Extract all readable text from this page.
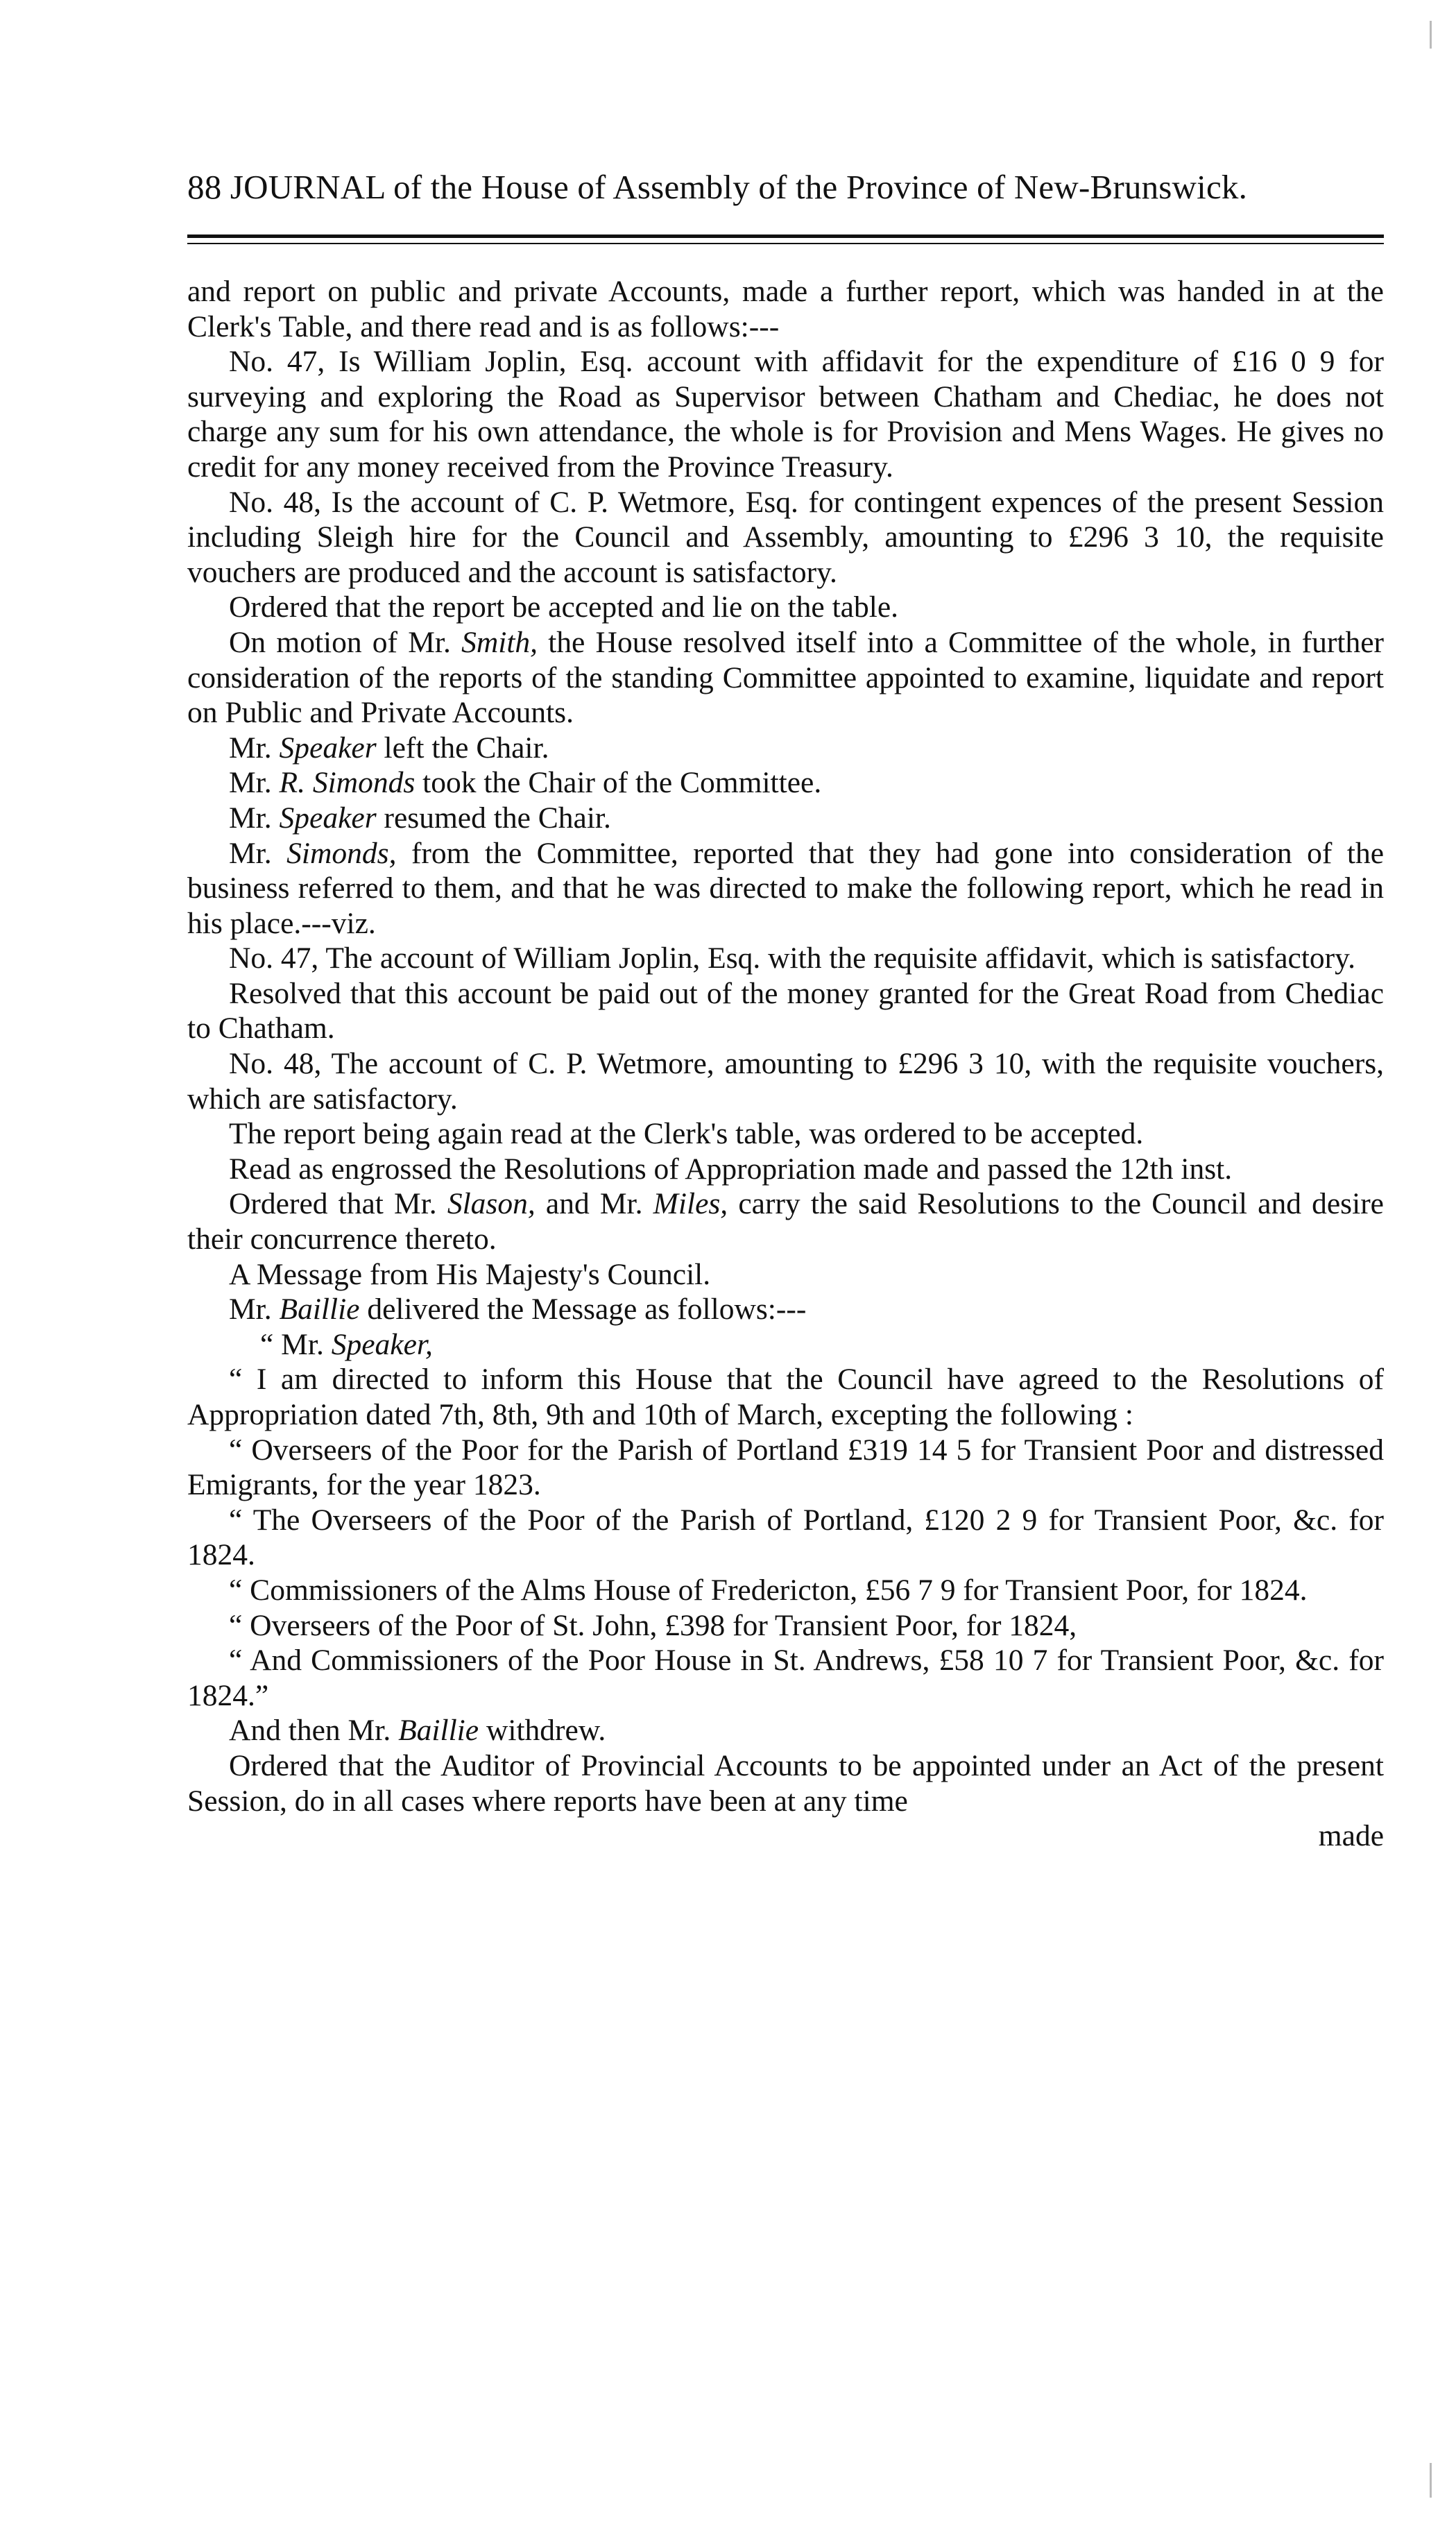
88 JOURNAL of the House of Assembly of the Province of New-Brunswick.

and report on public and private Accounts, made a further report, which was handed in at the Clerk's Table, and there read and is as follows:---

No. 47, Is William Joplin, Esq. account with affidavit for the expenditure of £16 0 9 for surveying and exploring the Road as Supervisor between Chatham and Chediac, he does not charge any sum for his own attendance, the whole is for Provision and Mens Wages. He gives no credit for any money received from the Province Treasury.

No. 48, Is the account of C. P. Wetmore, Esq. for contingent expences of the present Session including Sleigh hire for the Council and Assembly, amounting to £296 3 10, the requisite vouchers are produced and the account is satisfactory.

Ordered that the report be accepted and lie on the table.

On motion of Mr. Smith, the House resolved itself into a Committee of the whole, in further consideration of the reports of the standing Committee appointed to examine, liquidate and report on Public and Private Accounts.

Mr. Speaker left the Chair.

Mr. R. Simonds took the Chair of the Committee.

Mr. Speaker resumed the Chair.

Mr. Simonds, from the Committee, reported that they had gone into consideration of the business referred to them, and that he was directed to make the following report, which he read in his place.---viz.

No. 47, The account of William Joplin, Esq. with the requisite affidavit, which is satisfactory.

Resolved that this account be paid out of the money granted for the Great Road from Chediac to Chatham.

No. 48, The account of C. P. Wetmore, amounting to £296 3 10, with the requisite vouchers, which are satisfactory.

The report being again read at the Clerk's table, was ordered to be accepted.

Read as engrossed the Resolutions of Appropriation made and passed the 12th inst.

Ordered that Mr. Slason, and Mr. Miles, carry the said Resolutions to the Council and desire their concurrence thereto.

A Message from His Majesty's Council.

Mr. Baillie delivered the Message as follows:---

“ Mr. Speaker,

“ I am directed to inform this House that the Council have agreed to the Resolutions of Appropriation dated 7th, 8th, 9th and 10th of March, excepting the following :

“ Overseers of the Poor for the Parish of Portland £319 14 5 for Transient Poor and distressed Emigrants, for the year 1823.

“ The Overseers of the Poor of the Parish of Portland, £120 2 9 for Transient Poor, &c. for 1824.

“ Commissioners of the Alms House of Fredericton, £56 7 9 for Transient Poor, for 1824.

“ Overseers of the Poor of St. John, £398 for Transient Poor, for 1824,

“ And Commissioners of the Poor House in St. Andrews, £58 10 7 for Transient Poor, &c. for 1824.”

And then Mr. Baillie withdrew.

Ordered that the Auditor of Provincial Accounts to be appointed under an Act of the present Session, do in all cases where reports have been at any time

made
